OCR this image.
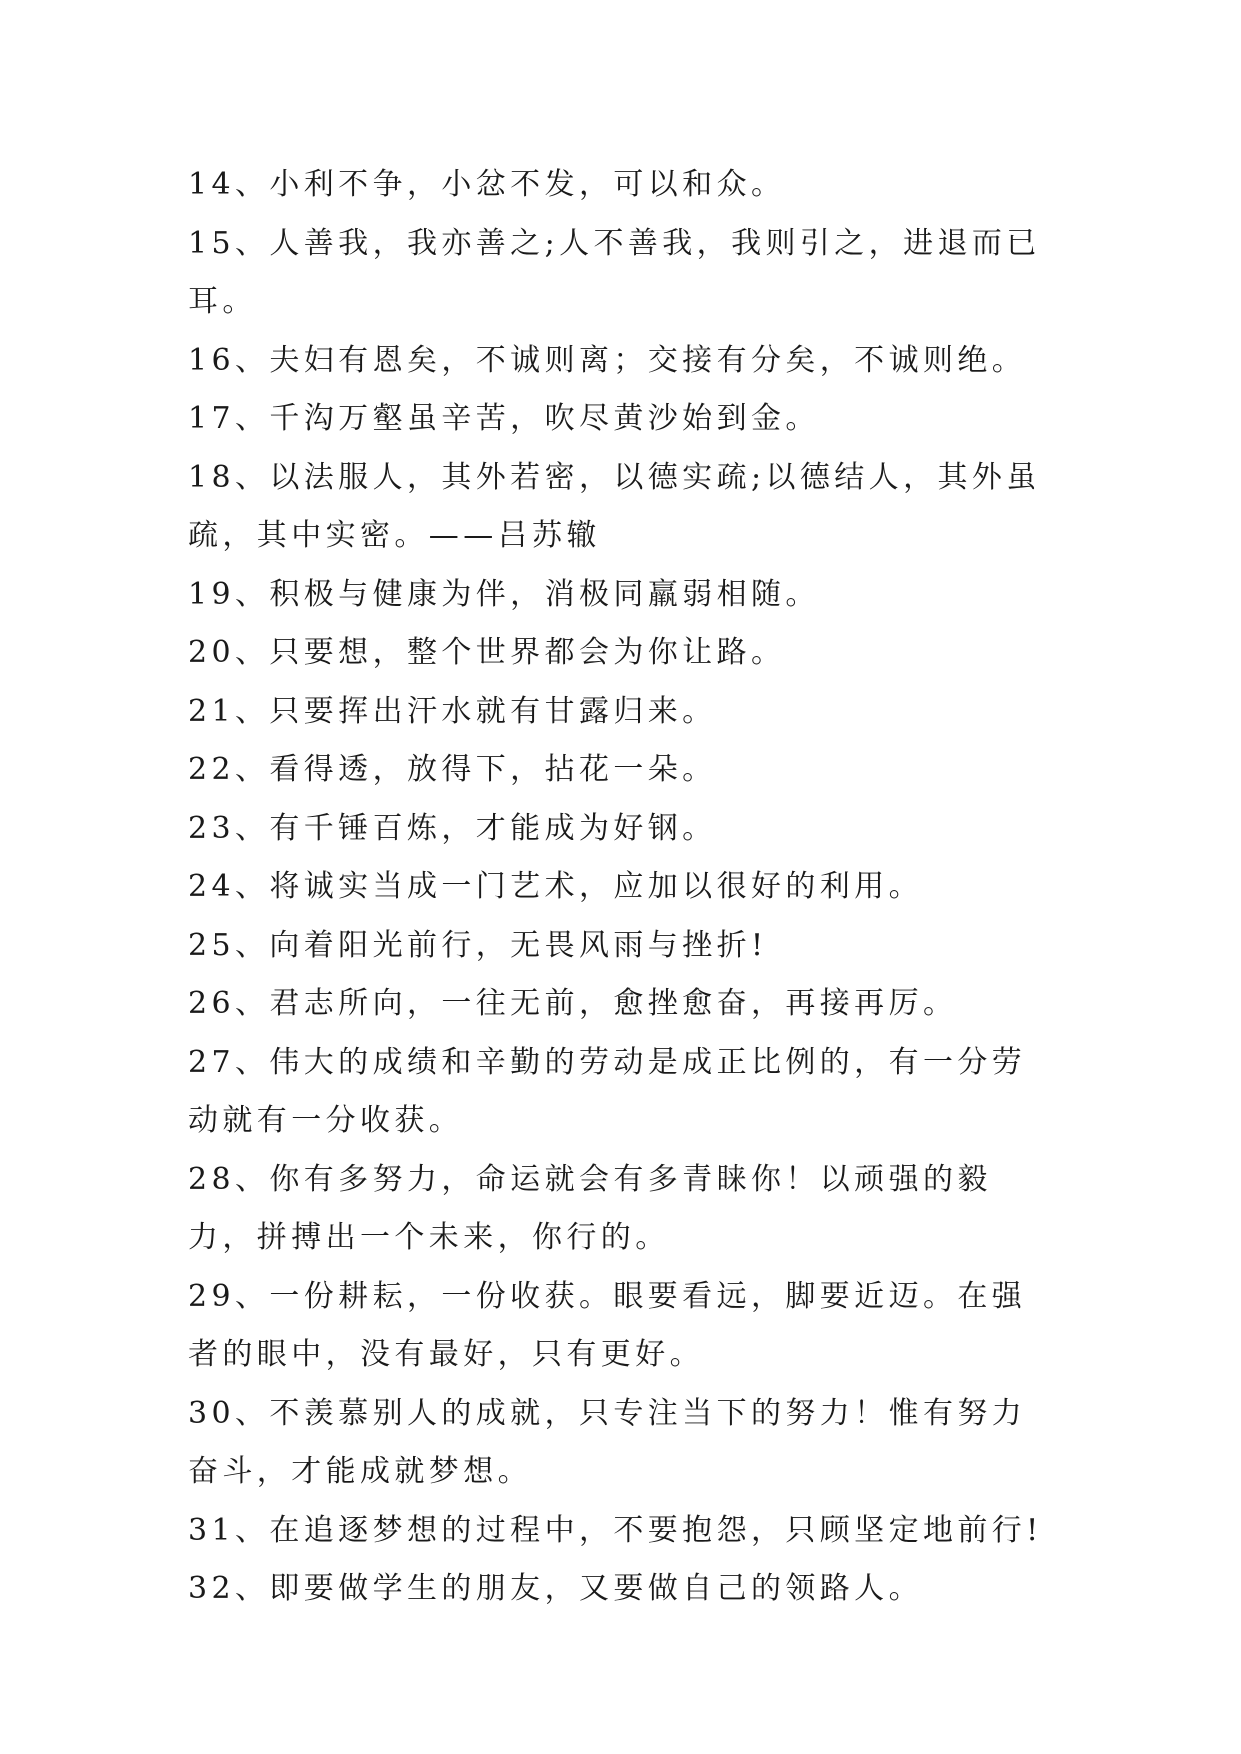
14、小利不争，小忿不发，可以和众。

15、人善我，我亦善之;人不善我，我则引之，进退而已耳。

16、夫妇有恩矣，不诚则离；交接有分矣，不诚则绝。

17、千沟万壑虽辛苦，吹尽黄沙始到金。

18、以法服人，其外若密，以德实疏;以德结人，其外虽疏，其中实密。——吕苏辙

19、积极与健康为伴，消极同羸弱相随。

20、只要想，整个世界都会为你让路。

21、只要挥出汗水就有甘露归来。

22、看得透，放得下，拈花一朵。

23、有千锤百炼，才能成为好钢。

24、将诚实当成一门艺术，应加以很好的利用。

25、向着阳光前行，无畏风雨与挫折!

26、君志所向，一往无前，愈挫愈奋，再接再厉。

27、伟大的成绩和辛勤的劳动是成正比例的，有一分劳动就有一分收获。

28、你有多努力，命运就会有多青睐你！以顽强的毅力，拼搏出一个未来，你行的。

29、一份耕耘，一份收获。眼要看远，脚要近迈。在强者的眼中，没有最好，只有更好。

30、不羡慕别人的成就，只专注当下的努力！惟有努力奋斗，才能成就梦想。

31、在追逐梦想的过程中，不要抱怨，只顾坚定地前行!

32、即要做学生的朋友，又要做自己的领路人。
